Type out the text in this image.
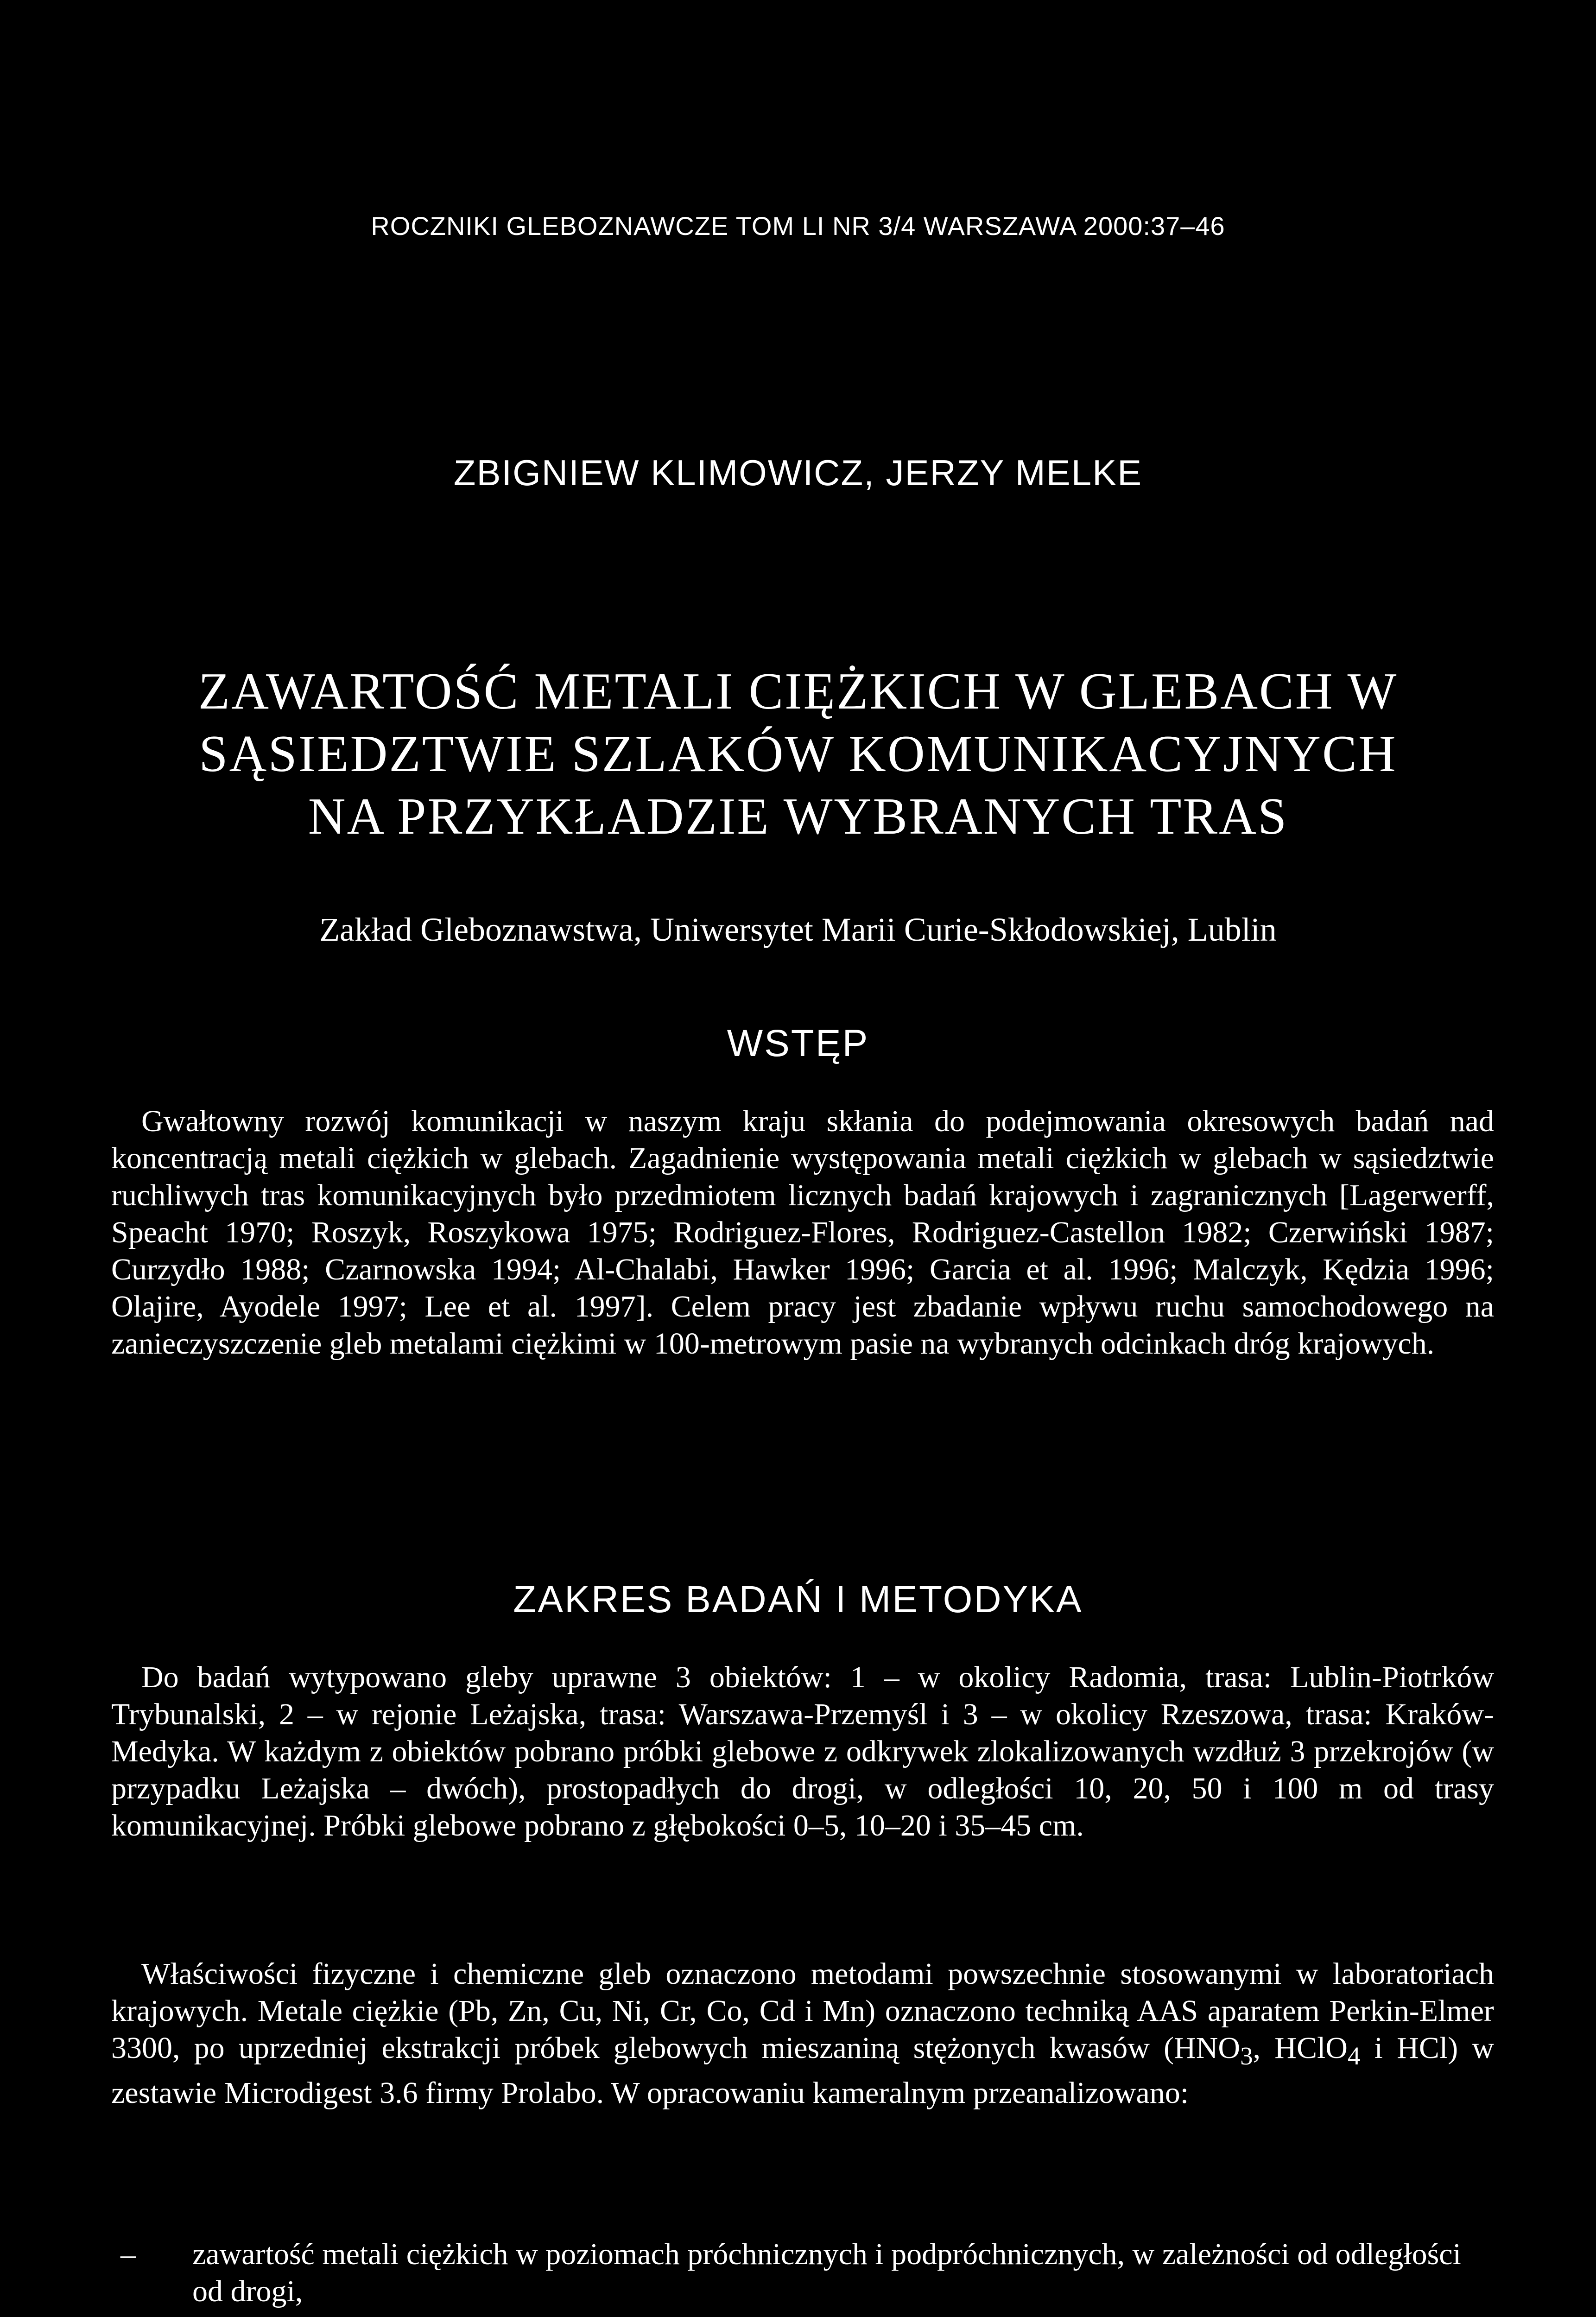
ROCZNIKI GLEBOZNAWCZE TOM LI NR 3/4 WARSZAWA 2000:37–46
ZBIGNIEW KLIMOWICZ, JERZY MELKE
ZAWARTOŚĆ METALI CIĘŻKICH W GLEBACH W
SĄSIEDZTWIE SZLAKÓW KOMUNIKACYJNYCH
NA PRZYKŁADZIE WYBRANYCH TRAS
Zakład Gleboznawstwa, Uniwersytet Marii Curie-Skłodowskiej, Lublin
WSTĘP
Gwałtowny rozwój komunikacji w naszym kraju skłania do podejmowania okresowych badań nad koncentracją metali ciężkich w glebach. Zagadnienie występowania metali ciężkich w glebach w sąsiedztwie ruchliwych tras komunikacyjnych było przedmiotem licznych badań krajowych i zagranicznych [Lagerwerff, Speacht 1970; Roszyk, Roszykowa 1975; Rodriguez-Flores, Rodriguez-Castellon 1982; Czerwiński 1987; Curzydło 1988; Czarnowska 1994; Al-Chalabi, Hawker 1996; Garcia et al. 1996; Malczyk, Kędzia 1996; Olajire, Ayodele 1997; Lee et al. 1997]. Celem pracy jest zbadanie wpływu ruchu samochodowego na zanieczyszczenie gleb metalami ciężkimi w 100-metrowym pasie na wybranych odcinkach dróg krajowych.
ZAKRES BADAŃ I METODYKA
Do badań wytypowano gleby uprawne 3 obiektów: 1 – w okolicy Radomia, trasa: Lublin-Piotrków Trybunalski, 2 – w rejonie Leżajska, trasa: Warszawa-Przemyśl i 3 – w okolicy Rzeszowa, trasa: Kraków-Medyka. W każdym z obiektów pobrano próbki glebowe z odkrywek zlokalizowanych wzdłuż 3 przekrojów (w przypadku Leżajska – dwóch), prostopadłych do drogi, w odległości 10, 20, 50 i 100 m od trasy komunikacyjnej. Próbki glebowe pobrano z głębokości 0–5, 10–20 i 35–45 cm.
Właściwości fizyczne i chemiczne gleb oznaczono metodami powszechnie stosowanymi w laboratoriach krajowych. Metale ciężkie (Pb, Zn, Cu, Ni, Cr, Co, Cd i Mn) oznaczono techniką AAS aparatem Perkin-Elmer 3300, po uprzedniej ekstrakcji próbek glebowych mieszaniną stężonych kwasów ($HNO_3$, HClO$_4$ i HCl) w zestawie Microdigest 3.6 firmy Prolabo. W opracowaniu kameralnym przeanalizowano:
–	zawartość metali ciężkich w poziomach próchnicznych i podpróchnicznych, w zależności od odległości od drogi,
